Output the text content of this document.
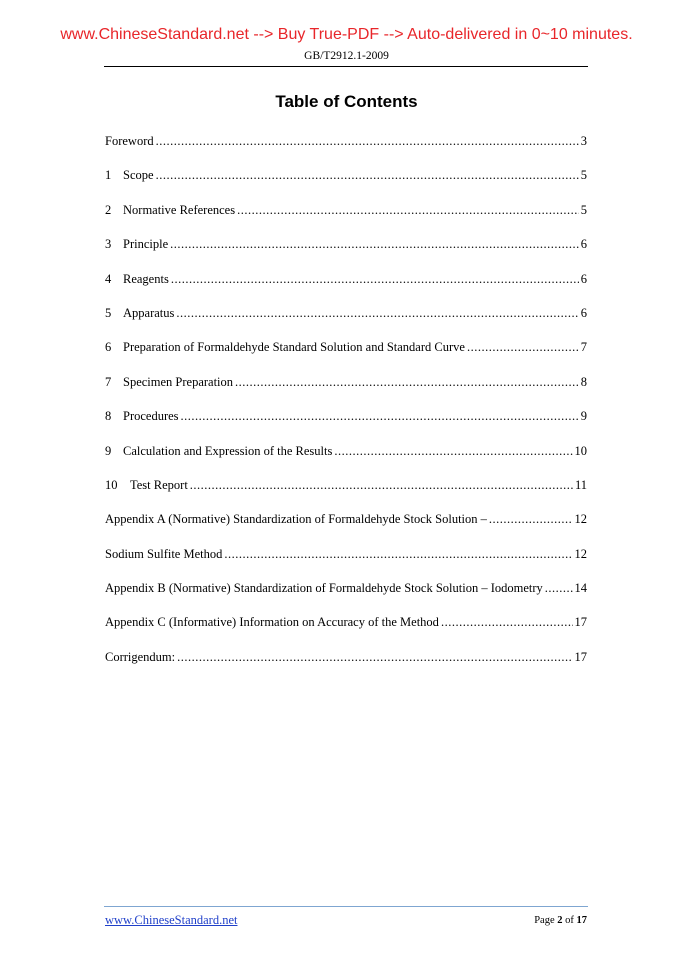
www.ChineseStandard.net --> Buy True-PDF --> Auto-delivered in 0~10 minutes.
GB/T2912.1-2009
Table of Contents
Foreword .....	3
1 Scope .....	5
2 Normative References .....	5
3 Principle .....	6
4 Reagents .....	6
5 Apparatus .....	6
6 Preparation of Formaldehyde Standard Solution and Standard Curve .....	7
7 Specimen Preparation .....	8
8 Procedures .....	9
9 Calculation and Expression of the Results .....	10
10	Test Report .....	11
Appendix A (Normative) Standardization of Formaldehyde Stock Solution – .....	12
Sodium Sulfite Method .....	12
Appendix B (Normative) Standardization of Formaldehyde Stock Solution – Iodometry .....	14
Appendix C (Informative) Information on Accuracy of the Method .....	17
Corrigendum: .....	17
www.ChineseStandard.net	Page 2 of 17
